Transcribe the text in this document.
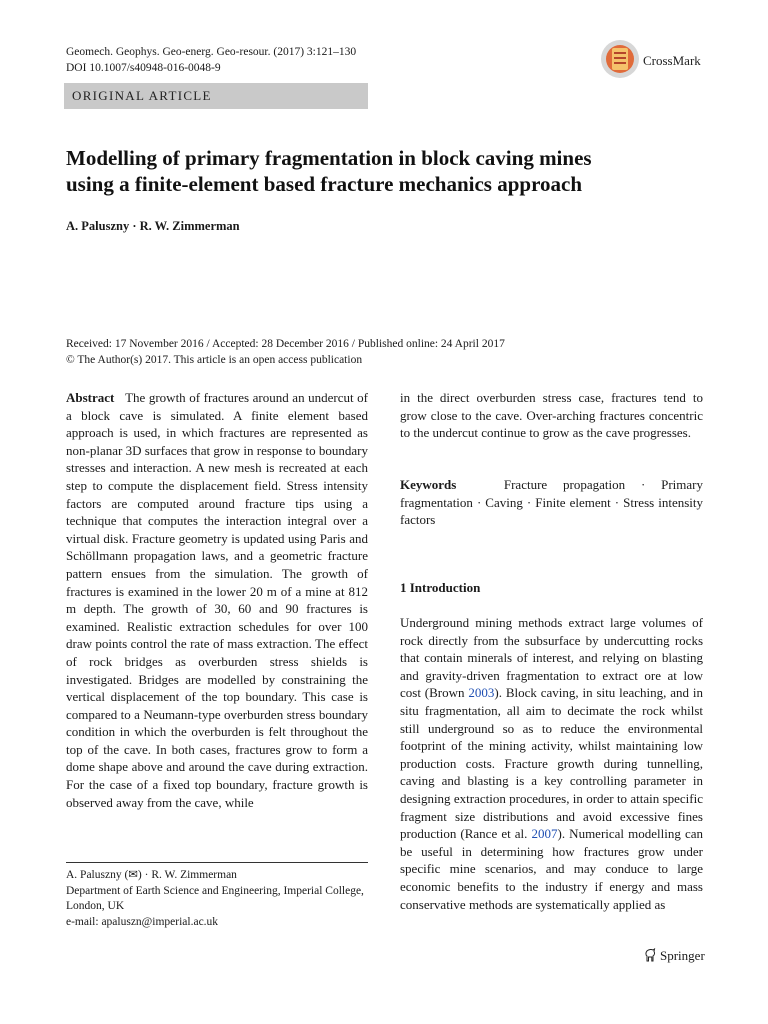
Geomech. Geophys. Geo-energ. Geo-resour. (2017) 3:121–130
DOI 10.1007/s40948-016-0048-9	CrossMark
ORIGINAL ARTICLE
Modelling of primary fragmentation in block caving mines
using a finite-element based fracture mechanics approach
A. Paluszny · R. W. Zimmerman
Received: 17 November 2016 / Accepted: 28 December 2016 / Published online: 24 April 2017
© The Author(s) 2017. This article is an open access publication
Abstract The growth of fractures around an undercut of a block cave is simulated. A finite element based approach is used, in which fractures are represented as non-planar 3D surfaces that grow in response to boundary stresses and interaction. A new mesh is recreated at each step to compute the displacement field. Stress intensity factors are computed around fracture tips using a technique that computes the interaction integral over a virtual disk. Fracture geometry is updated using Paris and Schöllmann propagation laws, and a geometric fracture pattern ensues from the simulation. The growth of fractures is examined in the lower 20 m of a mine at 812 m depth. The growth of 30, 60 and 90 fractures is examined. Realistic extraction schedules for over 100 draw points control the rate of mass extraction. The effect of rock bridges as overburden stress shields is investigated. Bridges are modelled by constraining the vertical displacement of the top boundary. This case is compared to a Neumann-type overburden stress boundary condition in which the overburden is felt throughout the top of the cave. In both cases, fractures grow to form a dome shape above and around the cave during extraction. For the case of a fixed top boundary, fracture growth is observed away from the cave, while
in the direct overburden stress case, fractures tend to grow close to the cave. Over-arching fractures concentric to the undercut continue to grow as the cave progresses.
Keywords	Fracture propagation · Primary fragmentation · Caving · Finite element · Stress intensity factors
1 Introduction
Underground mining methods extract large volumes of rock directly from the subsurface by undercutting rocks that contain minerals of interest, and relying on blasting and gravity-driven fragmentation to extract ore at low cost (Brown 2003). Block caving, in situ leaching, and in situ fragmentation, all aim to decimate the rock whilst still underground so as to reduce the environmental footprint of the mining activity, whilst maintaining low production costs. Fracture growth during tunnelling, caving and blasting is a key controlling parameter in designing extraction procedures, in order to attain specific fragment size distributions and avoid excessive fines production (Rance et al. 2007). Numerical modelling can be useful in determining how fractures grow under specific mine scenarios, and may conduce to large economic benefits to the industry if energy and mass conservative methods are systematically applied as
A. Paluszny (✉) · R. W. Zimmerman
Department of Earth Science and Engineering, Imperial College, London, UK
e-mail: apaluszn@imperial.ac.uk
Springer
